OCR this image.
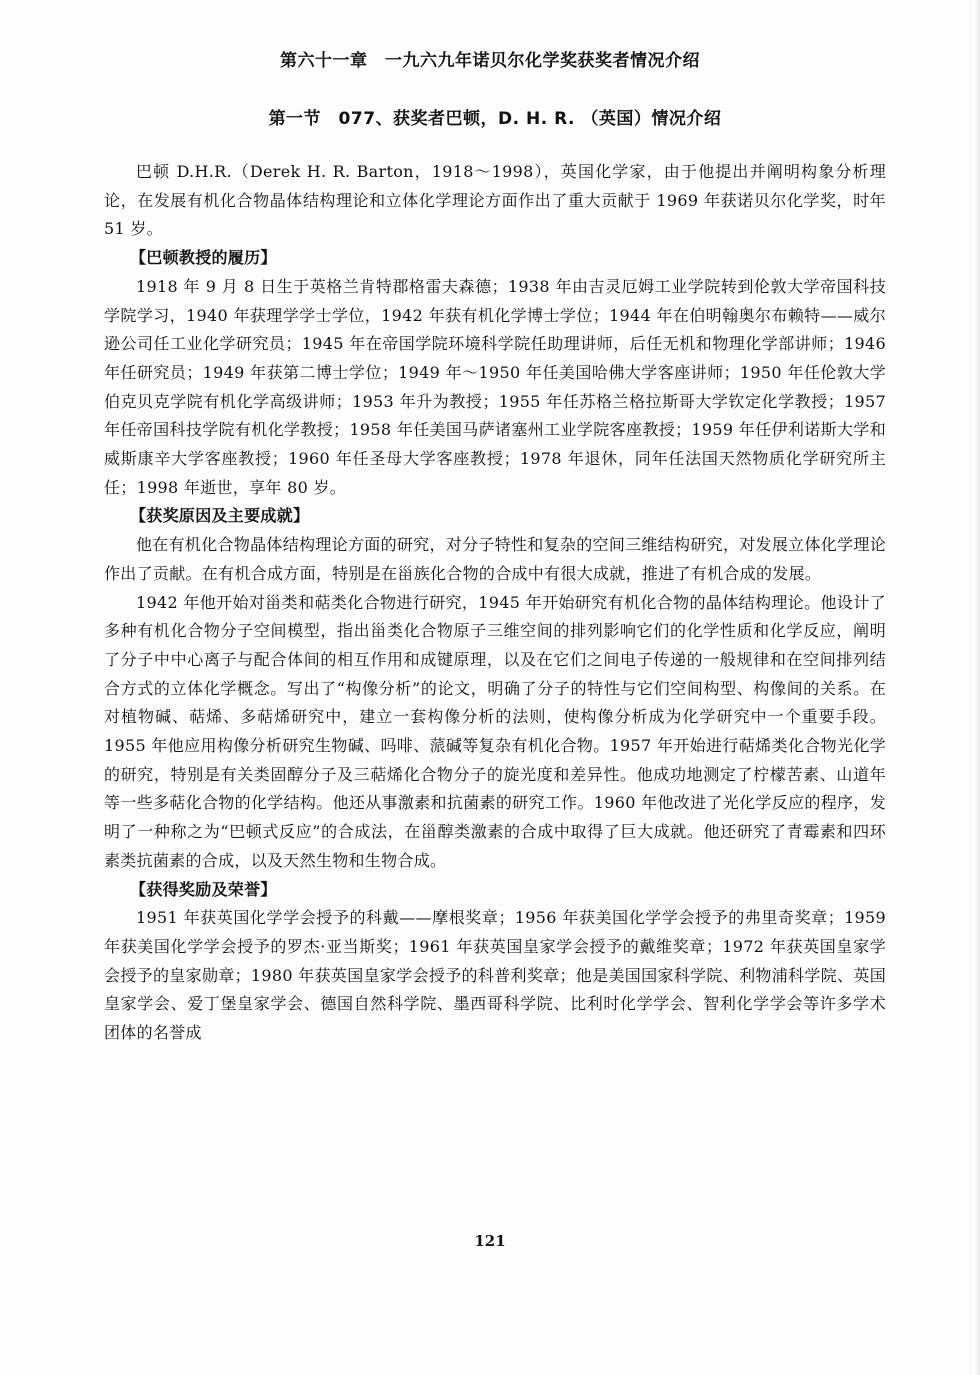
第六十一章　一九六九年诺贝尔化学奖获奖者情况介绍
第一节　077、获奖者巴顿，D. H. R. （英国）情况介绍

巴顿 D.H.R.（Derek H. R. Barton，1918～1998），英国化学家，由于他提出并阐明构象分析理论，在发展有机化合物晶体结构理论和立体化学理论方面作出了重大贡献于 1969 年获诺贝尔化学奖，时年 51 岁。

【巴顿教授的履历】

1918 年 9 月 8 日生于英格兰肯特郡格雷夫森德；1938 年由吉灵厄姆工业学院转到伦敦大学帝国科技学院学习，1940 年获理学学士学位，1942 年获有机化学博士学位；1944 年在伯明翰奥尔布赖特——威尔逊公司任工业化学研究员；1945 年在帝国学院环境科学院任助理讲师，后任无机和物理化学部讲师；1946 年任研究员；1949 年获第二博士学位；1949 年～1950 年任美国哈佛大学客座讲师；1950 年任伦敦大学伯克贝克学院有机化学高级讲师；1953 年升为教授；1955 年任苏格兰格拉斯哥大学钦定化学教授；1957 年任帝国科技学院有机化学教授；1958 年任美国马萨诸塞州工业学院客座教授；1959 年任伊利诺斯大学和威斯康辛大学客座教授；1960 年任圣母大学客座教授；1978 年退休，同年任法国天然物质化学研究所主任；1998 年逝世，享年 80 岁。

【获奖原因及主要成就】

他在有机化合物晶体结构理论方面的研究，对分子特性和复杂的空间三维结构研究，对发展立体化学理论作出了贡献。在有机合成方面，特别是在甾族化合物的合成中有很大成就，推进了有机合成的发展。

1942 年他开始对甾类和萜类化合物进行研究，1945 年开始研究有机化合物的晶体结构理论。他设计了多种有机化合物分子空间模型，指出甾类化合物原子三维空间的排列影响它们的化学性质和化学反应，阐明了分子中中心离子与配合体间的相互作用和成键原理，以及在它们之间电子传递的一般规律和在空间排列结合方式的立体化学概念。写出了“构像分析”的论文，明确了分子的特性与它们空间构型、构像间的关系。在对植物碱、萜烯、多萜烯研究中，建立一套构像分析的法则，使构像分析成为化学研究中一个重要手段。1955 年他应用构像分析研究生物碱、吗啡、蒎碱等复杂有机化合物。1957 年开始进行萜烯类化合物光化学的研究，特别是有关类固醇分子及三萜烯化合物分子的旋光度和差异性。他成功地测定了柠檬苦素、山道年等一些多萜化合物的化学结构。他还从事激素和抗菌素的研究工作。1960 年他改进了光化学反应的程序，发明了一种称之为“巴顿式反应”的合成法，在甾醇类激素的合成中取得了巨大成就。他还研究了青霉素和四环素类抗菌素的合成，以及天然生物和生物合成。

【获得奖励及荣誉】

1951 年获英国化学学会授予的科戴——摩根奖章；1956 年获美国化学学会授予的弗里奇奖章；1959 年获美国化学学会授予的罗杰·亚当斯奖；1961 年获英国皇家学会授予的戴维奖章；1972 年获英国皇家学会授予的皇家勋章；1980 年获英国皇家学会授予的科普利奖章；他是美国国家科学院、利物浦科学院、英国皇家学会、爱丁堡皇家学会、德国自然科学院、墨西哥科学院、比利时化学学会、智利化学学会等许多学术团体的名誉成

121
